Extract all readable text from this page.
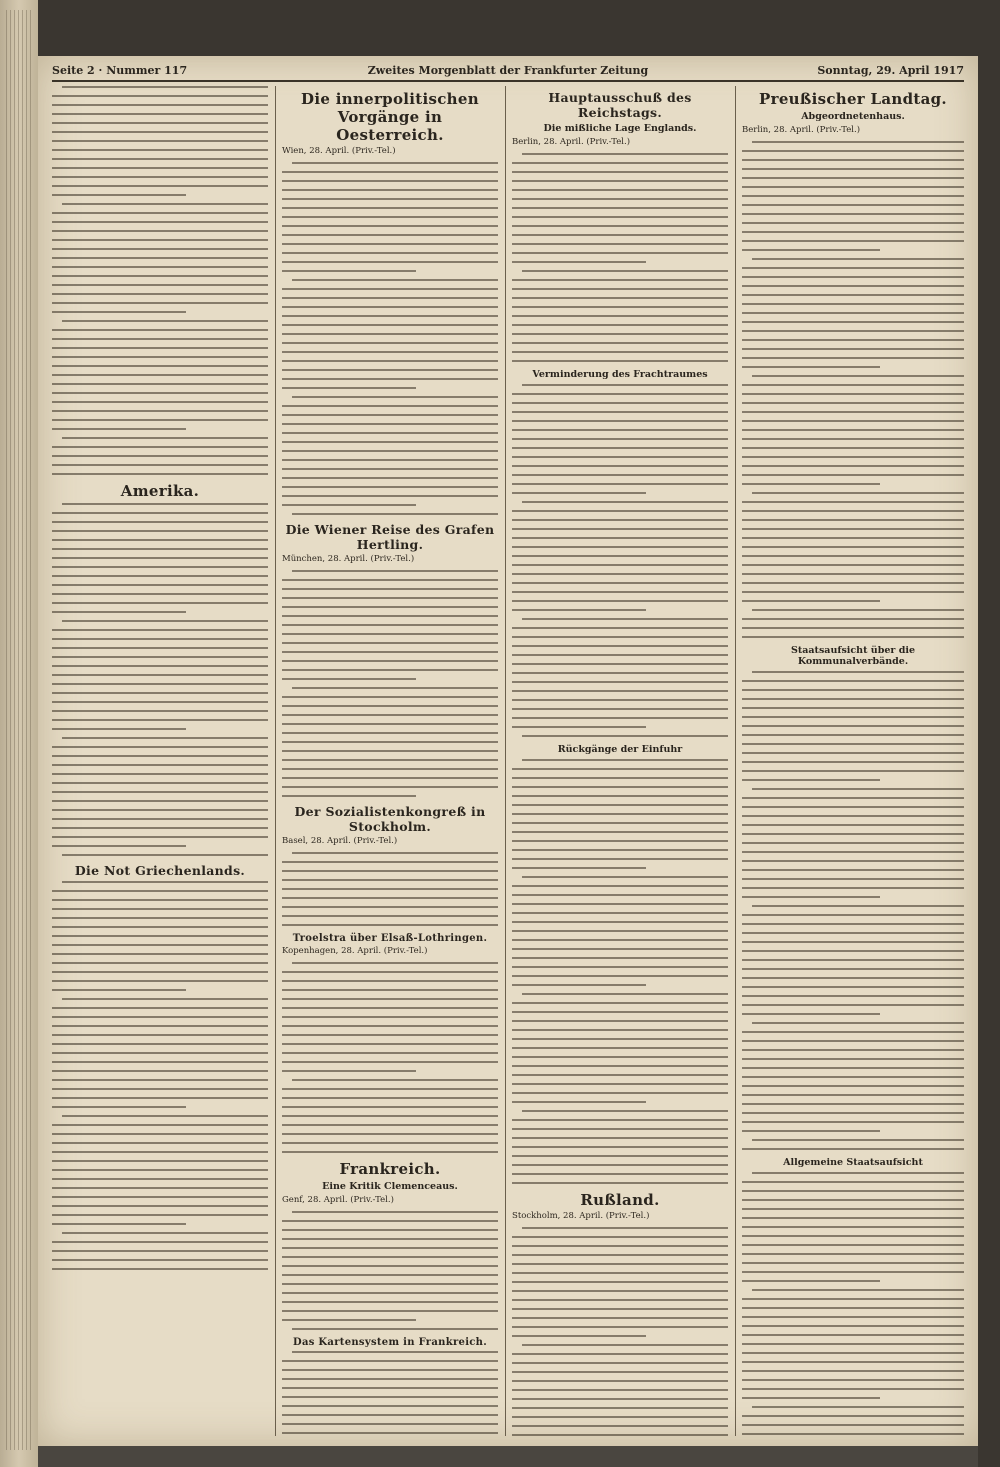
Seite 2 · Nummer 117	Zweites Morgenblatt der Frankfurter Zeitung	Sonntag, 29. April 1917
Amerika.
Die Not Griechenlands.
Die innerpolitischen Vorgänge in Oesterreich.
Wien, 28. April. (Priv.-Tel.)
Die Wiener Reise des Grafen Hertling.
München, 28. April. (Priv.-Tel.)
Der Sozialistenkongreß in Stockholm.
Basel, 28. April. (Priv.-Tel.)
Troelstra über Elsaß-Lothringen.
Kopenhagen, 28. April. (Priv.-Tel.)
Frankreich.
Eine Kritik Clemenceaus.
Genf, 28. April. (Priv.-Tel.)
Das Kartensystem in Frankreich.
Hauptausschuß des Reichstags.
Die mißliche Lage Englands.
Berlin, 28. April. (Priv.-Tel.)
Verminderung des Frachtraumes
Rückgänge der Einfuhr
Rußland.
Stockholm, 28. April. (Priv.-Tel.)
Preußischer Landtag.
Abgeordnetenhaus.
Berlin, 28. April. (Priv.-Tel.)
Staatsaufsicht über die Kommunalverbände.
Allgemeine Staatsaufsicht
